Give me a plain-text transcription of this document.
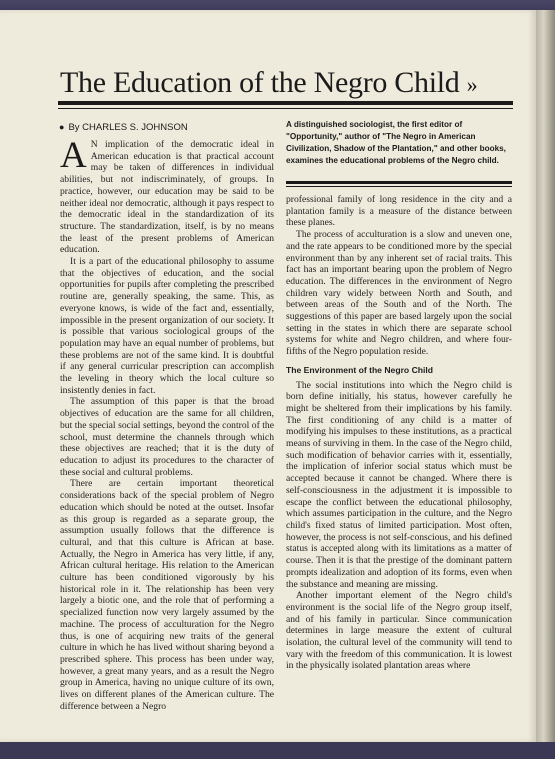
The Education of the Negro Child »
● By CHARLES S. JOHNSON	A distinguished sociologist, the first editor of "Opportunity," author of "The Negro in American Civilization, Shadow of the Plantation," and other books, examines the educational problems of the Negro child.

A N implication of the democratic ideal in American education is that practical account may be taken of differences in individual abilities, but not indiscriminately, of groups. In practice, however, our education may be said to be neither ideal nor democratic, although it pays respect to the democratic ideal in the standardization of its structure. The standardization, itself, is by no means the least of the present problems of American education.

It is a part of the educational philosophy to assume that the objectives of education, and the social opportunities for pupils after completing the prescribed routine are, generally speaking, the same. This, as everyone knows, is wide of the fact and, essentially, impossible in the present organization of our society. It is possible that various sociological groups of the population may have an equal number of problems, but these problems are not of the same kind. It is doubtful if any general curricular prescription can accomplish the leveling in theory which the local culture so insistently denies in fact.

The assumption of this paper is that the broad objectives of education are the same for all children, but the special social settings, beyond the control of the school, must determine the channels through which these objectives are reached; that it is the duty of education to adjust its procedures to the character of these social and cultural problems.

There are certain important theoretical considerations back of the special problem of Negro education which should be noted at the outset. Insofar as this group is regarded as a separate group, the assumption usually follows that the difference is cultural, and that this culture is African at base. Actually, the Negro in America has very little, if any, African cultural heritage. His relation to the American culture has been conditioned vigorously by his historical role in it. The relationship has been very largely a biotic one, and the role that of performing a specialized function now very largely assumed by the machine. The process of acculturation for the Negro thus, is one of acquiring new traits of the general culture in which he has lived without sharing beyond a prescribed sphere. This process has been under way, however, a great many years, and as a result the Negro group in America, having no unique culture of its own, lives on different planes of the American culture. The difference between a Negro

professional family of long residence in the city and a plantation family is a measure of the distance between these planes.

The process of acculturation is a slow and uneven one, and the rate appears to be conditioned more by the special environment than by any inherent set of racial traits. This fact has an important bearing upon the problem of Negro education. The differences in the environment of Negro children vary widely between North and South, and between areas of the South and of the North. The suggestions of this paper are based largely upon the social setting in the states in which there are separate school systems for white and Negro children, and where four-fifths of the Negro population reside.

The Environment of the Negro Child

The social institutions into which the Negro child is born define initially, his status, however carefully he might be sheltered from their implications by his family. The first conditioning of any child is a matter of modifying his impulses to these institutions, as a practical means of surviving in them. In the case of the Negro child, such modification of behavior carries with it, essentially, the implication of inferior social status which must be accepted because it cannot be changed. Where there is self-consciousness in the adjustment it is impossible to escape the conflict between the educational philosophy, which assumes participation in the culture, and the Negro child's fixed status of limited participation. Most often, however, the process is not self-conscious, and his defined status is accepted along with its limitations as a matter of course. Then it is that the prestige of the dominant pattern prompts idealization and adoption of its forms, even when the substance and meaning are missing.

Another important element of the Negro child's environment is the social life of the Negro group itself, and of his family in particular. Since communication determines in large measure the extent of cultural isolation, the cultural level of the community will tend to vary with the freedom of this communication. It is lowest in the physically isolated plantation areas where
